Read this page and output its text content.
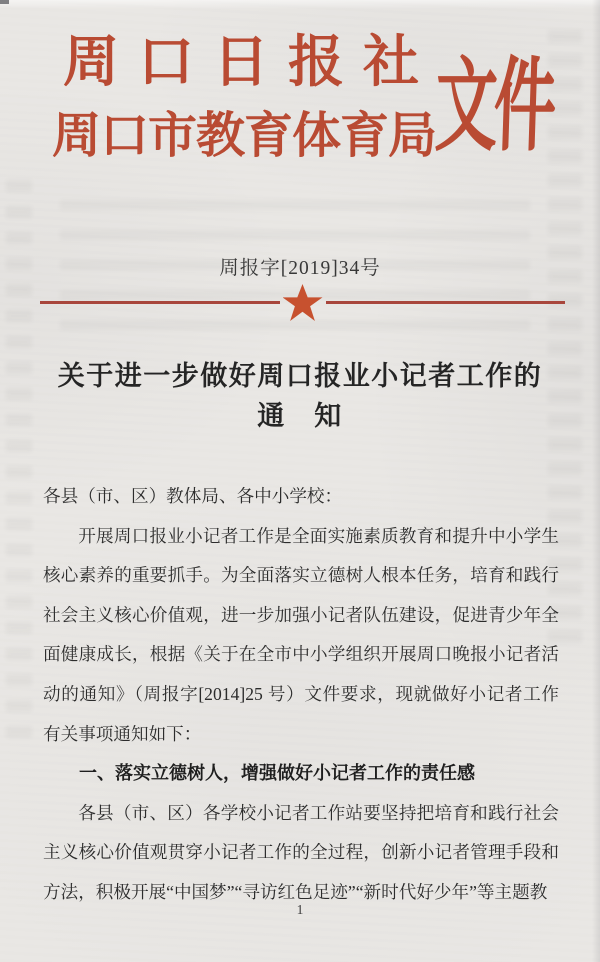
周口日报社
周口市教育体育局
文件
周报字[2019]34号
关于进一步做好周口报业小记者工作的
通　知

各县（市、区）教体局、各中小学校：

开展周口报业小记者工作是全面实施素质教育和提升中小学生核心素养的重要抓手。为全面落实立德树人根本任务，培育和践行社会主义核心价值观，进一步加强小记者队伍建设，促进青少年全面健康成长，根据《关于在全市中小学组织开展周口晚报小记者活动的通知》（周报字[2014]25 号）文件要求，现就做好小记者工作有关事项通知如下：

一、落实立德树人，增强做好小记者工作的责任感

各县（市、区）各学校小记者工作站要坚持把培育和践行社会主义核心价值观贯穿小记者工作的全过程，创新小记者管理手段和方法，积极开展“中国梦”“寻访红色足迹”“新时代好少年”等主题教

1
